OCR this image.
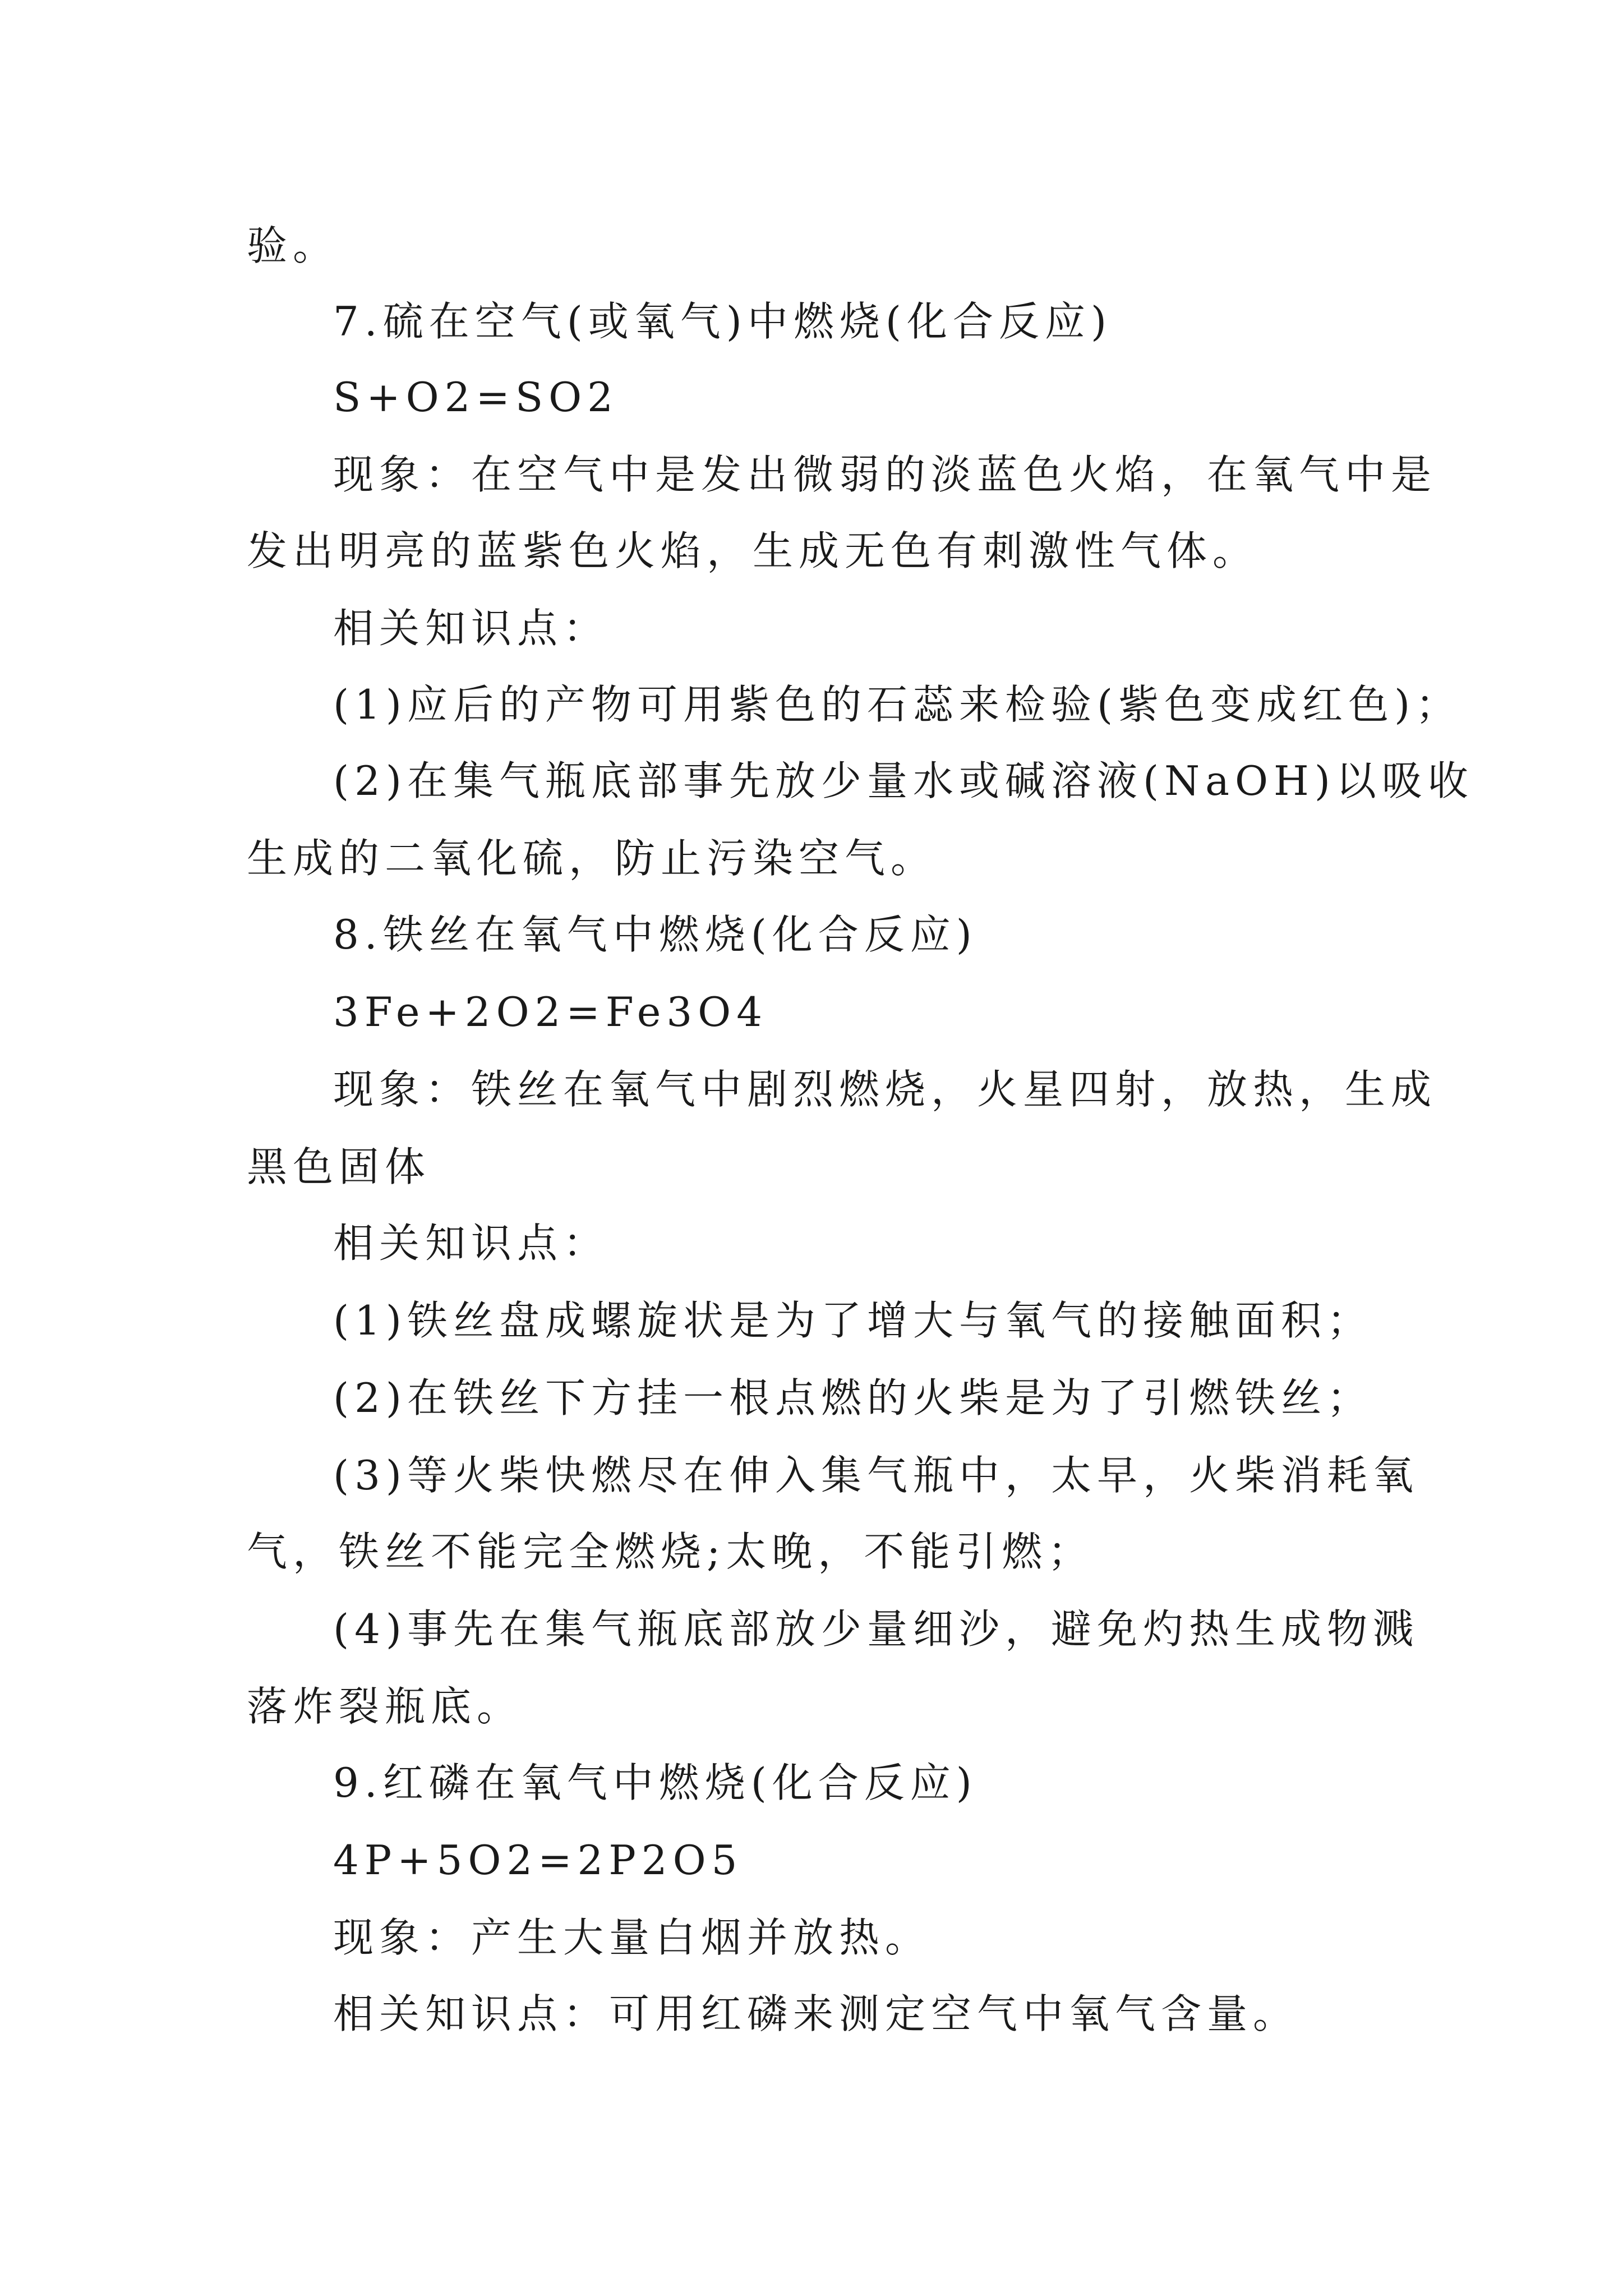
验。
7.硫在空气(或氧气)中燃烧(化合反应)
S+O2=SO2
现象：在空气中是发出微弱的淡蓝色火焰，在氧气中是
发出明亮的蓝紫色火焰，生成无色有刺激性气体。
相关知识点：
(1)应后的产物可用紫色的石蕊来检验(紫色变成红色)；
(2)在集气瓶底部事先放少量水或碱溶液(NaOH)以吸收
生成的二氧化硫，防止污染空气。
8.铁丝在氧气中燃烧(化合反应)
3Fe+2O2=Fe3O4
现象：铁丝在氧气中剧烈燃烧，火星四射，放热，生成
黑色固体
相关知识点：
(1)铁丝盘成螺旋状是为了增大与氧气的接触面积；
(2)在铁丝下方挂一根点燃的火柴是为了引燃铁丝；
(3)等火柴快燃尽在伸入集气瓶中，太早，火柴消耗氧
气，铁丝不能完全燃烧;太晚，不能引燃；
(4)事先在集气瓶底部放少量细沙，避免灼热生成物溅
落炸裂瓶底。
9.红磷在氧气中燃烧(化合反应)
4P+5O2=2P2O5
现象：产生大量白烟并放热。
相关知识点：可用红磷来测定空气中氧气含量。
